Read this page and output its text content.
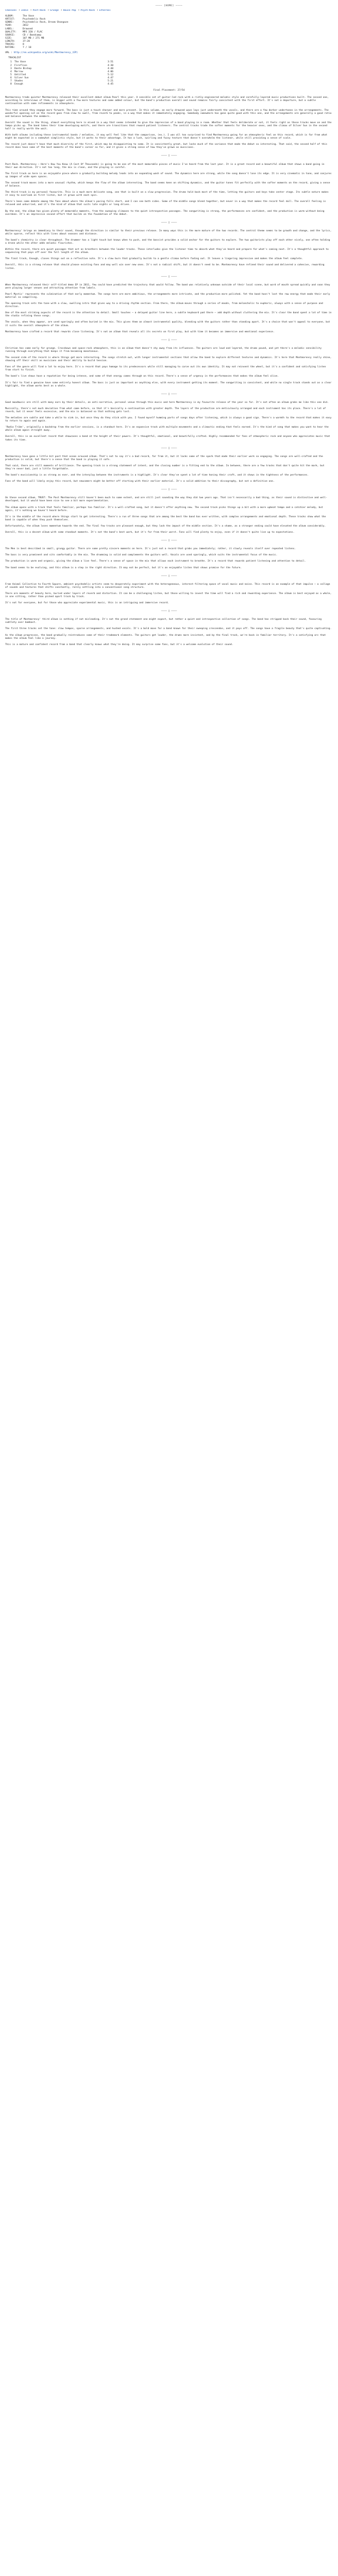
———— [HOME] ————
Chansons • Indie • Post-Rock • Grunge • House Pop • Psych-Rock • Ethereal
ALBUM:	The Vase
ARTIST:	Psychedelic Rock
GENRE:	Psychedelic Rock, Dream Shoegaze
YEAR:	2012
LABEL:	Drowned
QUALITY:	MP3 320 / FLAC
SOURCE:	CD / Bandcamp
SIZE:	107 MB / 271 MB
LENGTH:	37:20
TRACKS:	8
RATING:	7 / 10
URL : http://en.wikipedia.org/wiki/Montmorency_(EP)
TRACKLIST
1	The Vase	3:51
2	Fireflies	4:30
3	Dante Bishop	4:48
4	Marrow	4:06
5	Untitled	5:12
6	Silver Sun	4:47
7	Shades	5:21
8	Enough	4:45
Final Placement: 27/54

Montmorency trade quieter Montmorency released their excellent debut album Pearl this year. A sensible set of guitar-led rock with a richly-engineered melodic style and carefully-layered music productions built. The second one, according to interviews of them, is bigger with a few more textures and some added colour, but the band's production overall and sound remains fairly consistent with the first effort. It's not a departure, but a subtle continuation with some refinements in atmosphere.

This time around they engage more forward. The bass is just a touch sharper and more present. In this volume, an early drowned wave lays just underneath the vocals, and there are a few darker undertones in the arrangements. The wonderful opening cut on the record goes from slow to swell, from reverb to peaks, in a way that makes it immediately engaging. Somebody somewhere has gone quite good with this one, and the arrangements are generally a good ratio and balance between the members.

Overall the sound is the thing, almost everything here is mixed in a way that seems intended to give the impression of a band playing in a room. Whether that feels deliberate or not, it feels right as these tracks move on and the tempo picks up. The band takes their time developing motifs, and there are transitions that reward patient listeners. The central tracks trade the softer moments for the heavier ones, and the climax of Silver Sun in the second half is really worth the wait.

With both albums including these instrumental bands / melodies, it may well feel like that the comparison, (ex.). I was all too surprised to find Montmorency going for an atmospheric feel on this record, which is far from what might be expected in a somewhat simplistic style, but it works to their advantage. It has a lush, swirling and fuzzy texture that doesn't overwhelm the listener, while still providing a sense of scale.

The record just doesn't have that much diversity of the first, which may be disappointing to some. It is consistently great, but lacks much of the variance that made the debut so interesting. That said, the second half of this record does have some of the best moments of the band's career so far, and it gives a strong sense of how they've grown as musicians.

———— ◊ ————

Post-Rock. Montmorency — Here's How You Know (A Cast Of Thousands) is going to be one of the most memorable pieces of music I've heard from the last year. It is a great record and a beautiful album that shows a band going in their own direction. It's not too long, the mix is clean, and the playing is careful.

The first track on here is an enjoyable piece where a gradually building melody leads into an expanding wash of sound. The dynamics here are strong, while the song doesn't lose its edge. It is very cinematic in tone, and conjures up images of wide open spaces.

The second track moves into a more unusual rhythm, which keeps the flow of the album interesting. The band seems keen on shifting dynamics, and the guitar tones fit perfectly with the softer moments on the record, giving a sense of balance.

The third track is my personal favourite. This is a much more delicate song, one that is built on a slow progression. The drums hold back most of the time, letting the guitars and keys take center stage. Its subtle nature makes it easy to overlook on first listen, but it grows with each spin.

There's been some debate among the fans about where the album's pacing falls short, and I can see both sides. Some of the middle songs blend together, but never in a way that makes the record feel dull. The overall feeling is relaxed and unhurried, and it's the kind of album that suits late nights or long drives.

By the end, the album has given plenty of memorable moments, from the sweeping climaxes to the quiet introspective passages. The songwriting is strong, the performances are confident, and the production is warm without being overdone. It's an impressive second effort that builds on the foundation of the debut.

———— ◊ ————

Montmorency' brings an immediacy to their sound, though the direction is similar to their previous release. In many ways this is the more mature of the two records. The central theme seems to be growth and change, and the lyrics, while sparse, reflect this with lines about seasons and distance.

The band's chemistry is clear throughout. The drummer has a light touch but knows when to push, and the bassist provides a solid anchor for the guitars to explore. The two guitarists play off each other nicely, one often holding a drone while the other adds melodic flourishes.

Within the record, there are quiet passages that act as breathers between the louder tracks. These interludes give the listener time to absorb what they've heard and prepare for what's coming next. It's a thoughtful approach to sequencing that pays off over the full length of the album.

The final track, Enough, closes things out on a reflective note. It's a slow burn that gradually builds to a gentle climax before fading out. It leaves a lingering impression and makes the album feel complete.

Overall, this is a strong release that should please existing fans and may well win over new ones. It's not a radical shift, but it doesn't need to be. Montmorency have refined their sound and delivered a cohesive, rewarding listen.

———— ◊ ————

When Montmorency released their self-titled demo EP in 2011, few could have predicted the trajectory that would follow. The band was relatively unknown outside of their local scene, but word of mouth spread quickly and soon they were playing larger venues and attracting attention from labels.

Pearl Mystic' represents the culmination of that early momentum. The songs here are more ambitious, the arrangements more intricate, and the production more polished. Yet the band hasn't lost the raw energy that made their early material so compelling.

The opening track sets the tone with a slow, swelling intro that gives way to a driving rhythm section. From there, the album moves through a series of moods, from melancholic to euphoric, always with a sense of purpose and direction.

One of the most striking aspects of the record is the attention to detail. Small touches — a delayed guitar line here, a subtle keyboard pad there — add depth without cluttering the mix. It's clear the band spent a lot of time in the studio refining these songs.

The vocals, when they appear, are used sparingly and often buried in the mix. This gives them an almost instrumental quality, blending with the guitars rather than standing apart. It's a choice that won't appeal to everyone, but it suits the overall atmosphere of the album.

Montmorency have crafted a record that rewards close listening. It's not an album that reveals all its secrets on first play, but with time it becomes an immersive and emotional experience.

———— ◊ ————

Christian has come early for grunge. Crossbows and space-rock atmosphere, this is an album that doesn't shy away from its influences. The guitars are loud and layered, the drums pound, and yet there's a melodic sensibility running through everything that keeps it from becoming monotonous.

The second side of the record is where things get more interesting. The songs stretch out, with longer instrumental sections that allow the band to explore different textures and dynamics. It's here that Montmorency really shine, showing off their skill as musicians and their ability to build tension.

Fans of the genre will find a lot to enjoy here. It's a record that pays homage to its predecessors while still managing to carve out its own identity. It may not reinvent the wheel, but it's a confident and satisfying listen from start to finish.

The band's live shows have a reputation for being intense, and some of that energy comes through on this record. There's a sense of urgency in the performances that makes the album feel alive.

It's fair to find a genuine have some entirely honest album. The bass is just as important as anything else, with every instrument getting its moment. The songwriting is consistent, and while no single track stands out as a clear highlight, the album works best as a whole.

———— ◊ ————

Good moodmusic are still with many ears by their details, an anti-narrative, personal venue through this music and here Montmorency is my favourite release of the year so far. It's not often an album grabs me like this one did.

Musically, there's not much deviation from what came before, so that it's basically a continuation with greater depth. The layers of the production are meticulously arranged and each instrument has its place. There's a lot of reverb, but it never feels excessive, and the mix is balanced so that nothing gets lost.

The melodies are subtle and take a while to sink in, but once they do they stick with you. I found myself humming parts of songs days after listening, which is always a good sign. There's a warmth to the record that makes it easy to return to again and again.

'Radio Tribe', originally a backdrop from the earlier sessions, is a standout here. It's an expansive track with multiple movements and a climactic ending that feels earned. It's the kind of song that makes you want to hear the whole album again straight away.

Overall, this is an excellent record that showcases a band at the height of their powers. It's thoughtful, emotional, and beautifully crafted. Highly recommended for fans of atmospheric rock and anyone who appreciates music that takes its time.

———— ◊ ————

Montmorency have gone a little bit past that ocean aroused album. That's not to say it's a bad record, far from it, but it lacks some of the spark that made their earlier work so engaging. The songs are well-crafted and the production is solid, but there's a sense that the band is playing it safe.

That said, there are still moments of brilliance. The opening track is a strong statement of intent, and the closing number is a fitting end to the album. In between, there are a few tracks that don't quite hit the mark, but they're never bad, just a little forgettable.

The band's musicianship is as strong as ever, and the interplay between the instruments is a highlight. It's clear they've spent a lot of time honing their craft, and it shows in the tightness of the performances.

Fans of the band will likely enjoy this record, but newcomers might be better off starting with their earlier material. It's a solid addition to their discography, but not a definitive one.

———— ◊ ————

On these second album, TRUST: The Post Montmorency still haven't been much to some extent, and are still just sounding the way they did two years ago. That isn't necessarily a bad thing, as their sound is distinctive and well-developed, but it would have been nice to see a bit more experimentation.

The album opens with a track that feels familiar, perhaps too familiar. It's a well-crafted song, but it doesn't offer anything new. The second track picks things up a bit with a more upbeat tempo and a catchier melody, but again, it's nothing we haven't heard before.

It's in the middle of the record where things start to get interesting. There's a run of three songs that are among the best the band has ever written, with complex arrangements and emotional depth. These tracks show what the band is capable of when they push themselves.

Unfortunately, the album loses momentum towards the end. The final few tracks are pleasant enough, but they lack the impact of the middle section. It's a shame, as a stronger ending could have elevated the album considerably.

Overall, this is a decent album with some standout moments. It's not the band's best work, but it's far from their worst. Fans will find plenty to enjoy, even if it doesn't quite live up to expectations.

———— ◊ ————

The Men is best described in small, grungy guitar. There are some pretty sincere moments on here. It's just not a record that grabs you immediately; rather, it slowly reveals itself over repeated listens.

The bass is very prominent and sits comfortably in the mix. The drumming is solid and complements the guitars well. Vocals are used sparingly, which suits the instrumental focus of the music.

The production is warm and organic, giving the album a live feel. There's a sense of space in the mix that allows each instrument to breathe. It's a record that rewards patient listening and attention to detail.

The band seems to be evolving, and this album is a step in the right direction. It may not be perfect, but it's an enjoyable listen that shows promise for the future.

———— ◊ ————

From Animal Collective to Fourth Square, ambient psychedelic artists seem to desperately experiment with the heterogeneous, interest-filtering space of vocal music and noise. This record is an example of that impulse — a collage of sounds and textures that shifts constantly, rarely settling into a conventional song structure.

There are moments of beauty here, buried under layers of reverb and distortion. It can be a challenging listen, but those willing to invest the time will find a rich and rewarding experience. The album is best enjoyed as a whole, in one sitting, rather than picked apart track by track.

It's not for everyone, but for those who appreciate experimental music, this is an intriguing and immersive record.

———— ◊ ————

The title of Montmorency' third album is nothing if not misleading. It's not the grand statement one might expect, but rather a quiet and introspective collection of songs. The band has stripped back their sound, favouring subtlety over bombast.

The first three tracks set the tone: slow tempos, sparse arrangements, and hushed vocals. It's a bold move for a band known for their sweeping crescendos, and it pays off. The songs have a fragile beauty that's quite captivating.

As the album progresses, the band gradually reintroduces some of their trademark elements. The guitars get louder, the drums more insistent, and by the final track, we're back in familiar territory. It's a satisfying arc that makes the album feel like a journey.

This is a mature and confident record from a band that clearly knows what they're doing. It may surprise some fans, but it's a welcome evolution of their sound.
